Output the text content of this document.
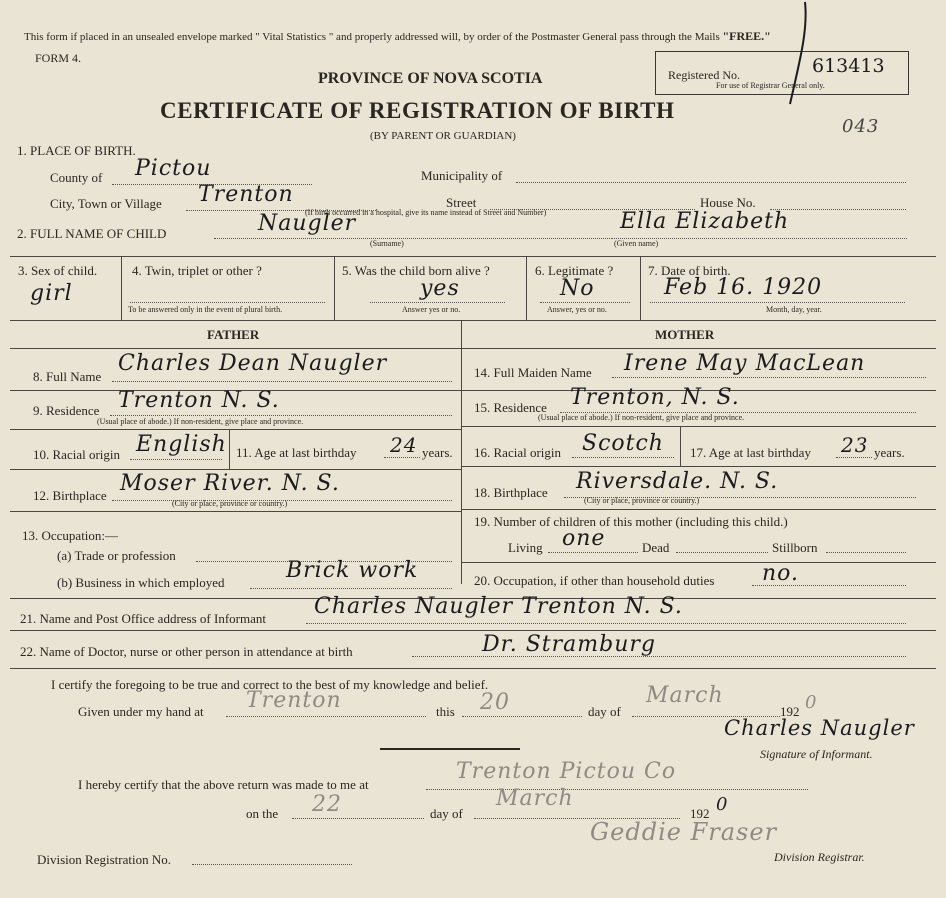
This form if placed in an unsealed envelope marked " Vital Statistics " and properly addressed will, by order of the Postmaster General pass through the Mails "FREE."
FORM 4.
Registered No.	613413
For use of Registrar General only.
PROVINCE OF NOVA SCOTIA
CERTIFICATE OF REGISTRATION OF BIRTH
(BY PARENT OR GUARDIAN)	043
1. PLACE OF BIRTH.
County of Pictou	Municipality of
City, Town or Village Trenton	Street	House No.
(If birth occurred in a hospital, give its name instead of Street and Number)
2. FULL NAME OF CHILD	Naugler	Ella Elizabeth
(Surname)	(Given name)
3. Sex of child.
girl
4. Twin, triplet or other ?
To be answered only in the event of plural birth.
5. Was the child born alive ?
yes
Answer yes or no.
6. Legitimate ?
No
Answer, yes or no.
7. Date of birth.
Feb 16. 1920
Month, day, year.
FATHER	MOTHER
8. Full Name
Charles Dean Naugler
9. Residence Trenton N. S.
(Usual place of abode.) If non-resident, give place and province.
10. Racial origin English 11. Age at last birthday 24 years.
12. Birthplace Moser River. N. S.
(City or place, province or country.)
13. Occupation:—
(a) Trade or profession
(b) Business in which employed	Brick work
14. Full Maiden Name Irene May MacLean
15. Residence Trenton, N. S.
(Usual place of abode.) If non-resident, give place and province.
16. Racial origin Scotch 17. Age at last birthday 23 years.
18. Birthplace Riversdale. N. S.
(City or place, province or country.)
19. Number of children of this mother (including this child.)
Living one	Dead	Stillborn
20. Occupation, if other than household duties no.
21. Name and Post Office address of Informant Charles Naugler Trenton N. S.
22. Name of Doctor, nurse or other person in attendance at birth	Dr. Stramburg
I certify the foregoing to be true and correct to the best of my knowledge and belief.
Given under my hand at Trenton	this 20	day of
March
192 0
Charles Naugler
Signature of Informant.
I hereby certify that the above return was made to me at
Trenton Pictou Co
on the 22	day of
March
192 0
Division Registration No.
Geddie Fraser
Division Registrar.
